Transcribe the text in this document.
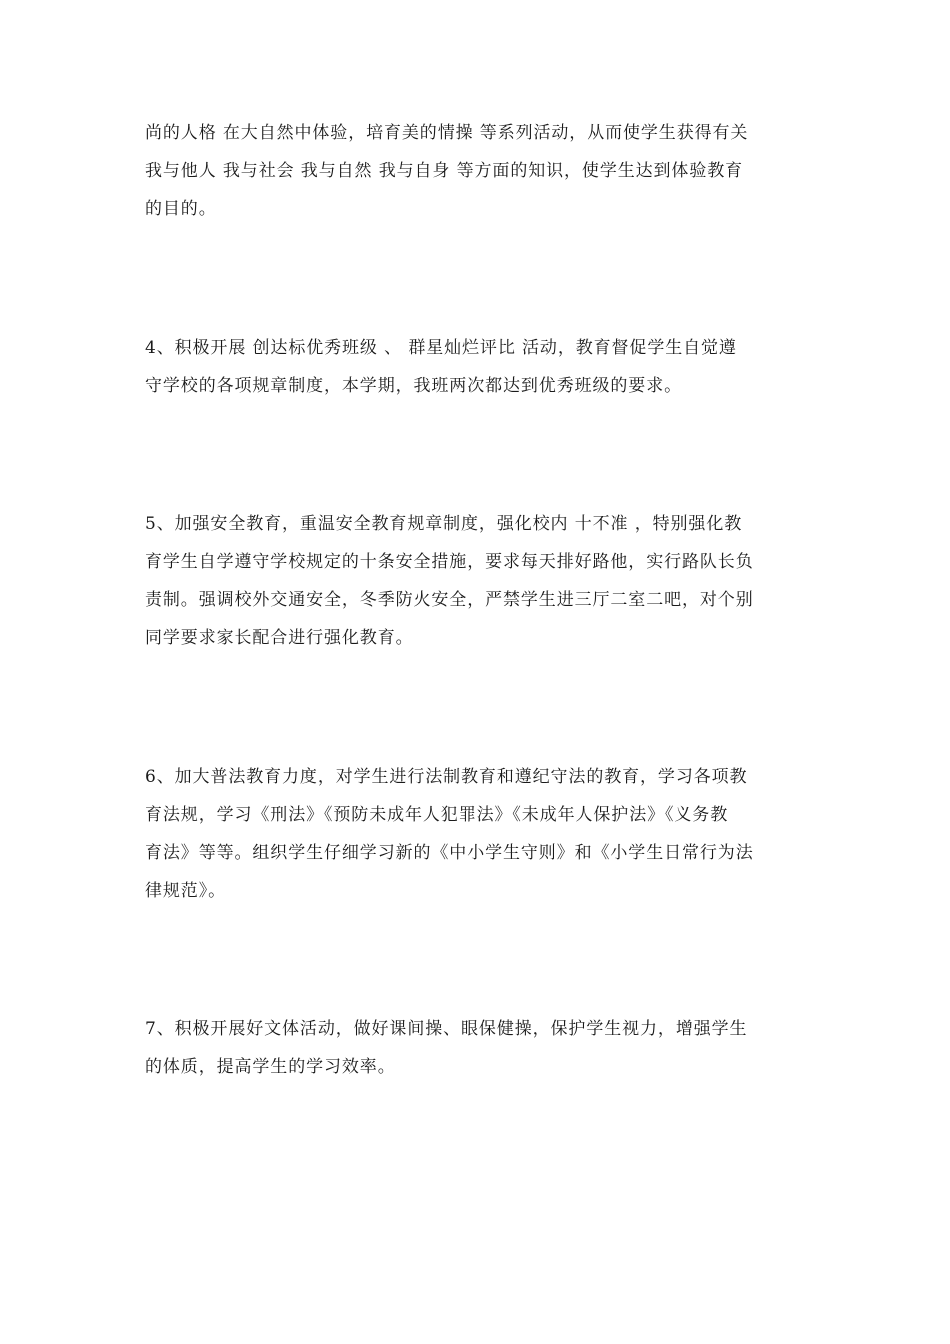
尚的人格 在大自然中体验，培育美的情操 等系列活动，从而使学生获得有关

我与他人 我与社会 我与自然 我与自身 等方面的知识，使学生达到体验教育

的目的。

4、积极开展 创达标优秀班级 、 群星灿烂评比 活动，教育督促学生自觉遵

守学校的各项规章制度，本学期，我班两次都达到优秀班级的要求。

5、加强安全教育，重温安全教育规章制度，强化校内 十不准 ，特别强化教

育学生自学遵守学校规定的十条安全措施，要求每天排好路他，实行路队长负

责制。强调校外交通安全，冬季防火安全，严禁学生进三厅二室二吧，对个别

同学要求家长配合进行强化教育。

6、加大普法教育力度，对学生进行法制教育和遵纪守法的教育，学习各项教

育法规，学习《刑法》《预防未成年人犯罪法》《未成年人保护法》《义务教

育法》等等。组织学生仔细学习新的《中小学生守则》和《小学生日常行为法

律规范》。

7、积极开展好文体活动，做好课间操、眼保健操，保护学生视力，增强学生

的体质，提高学生的学习效率。
